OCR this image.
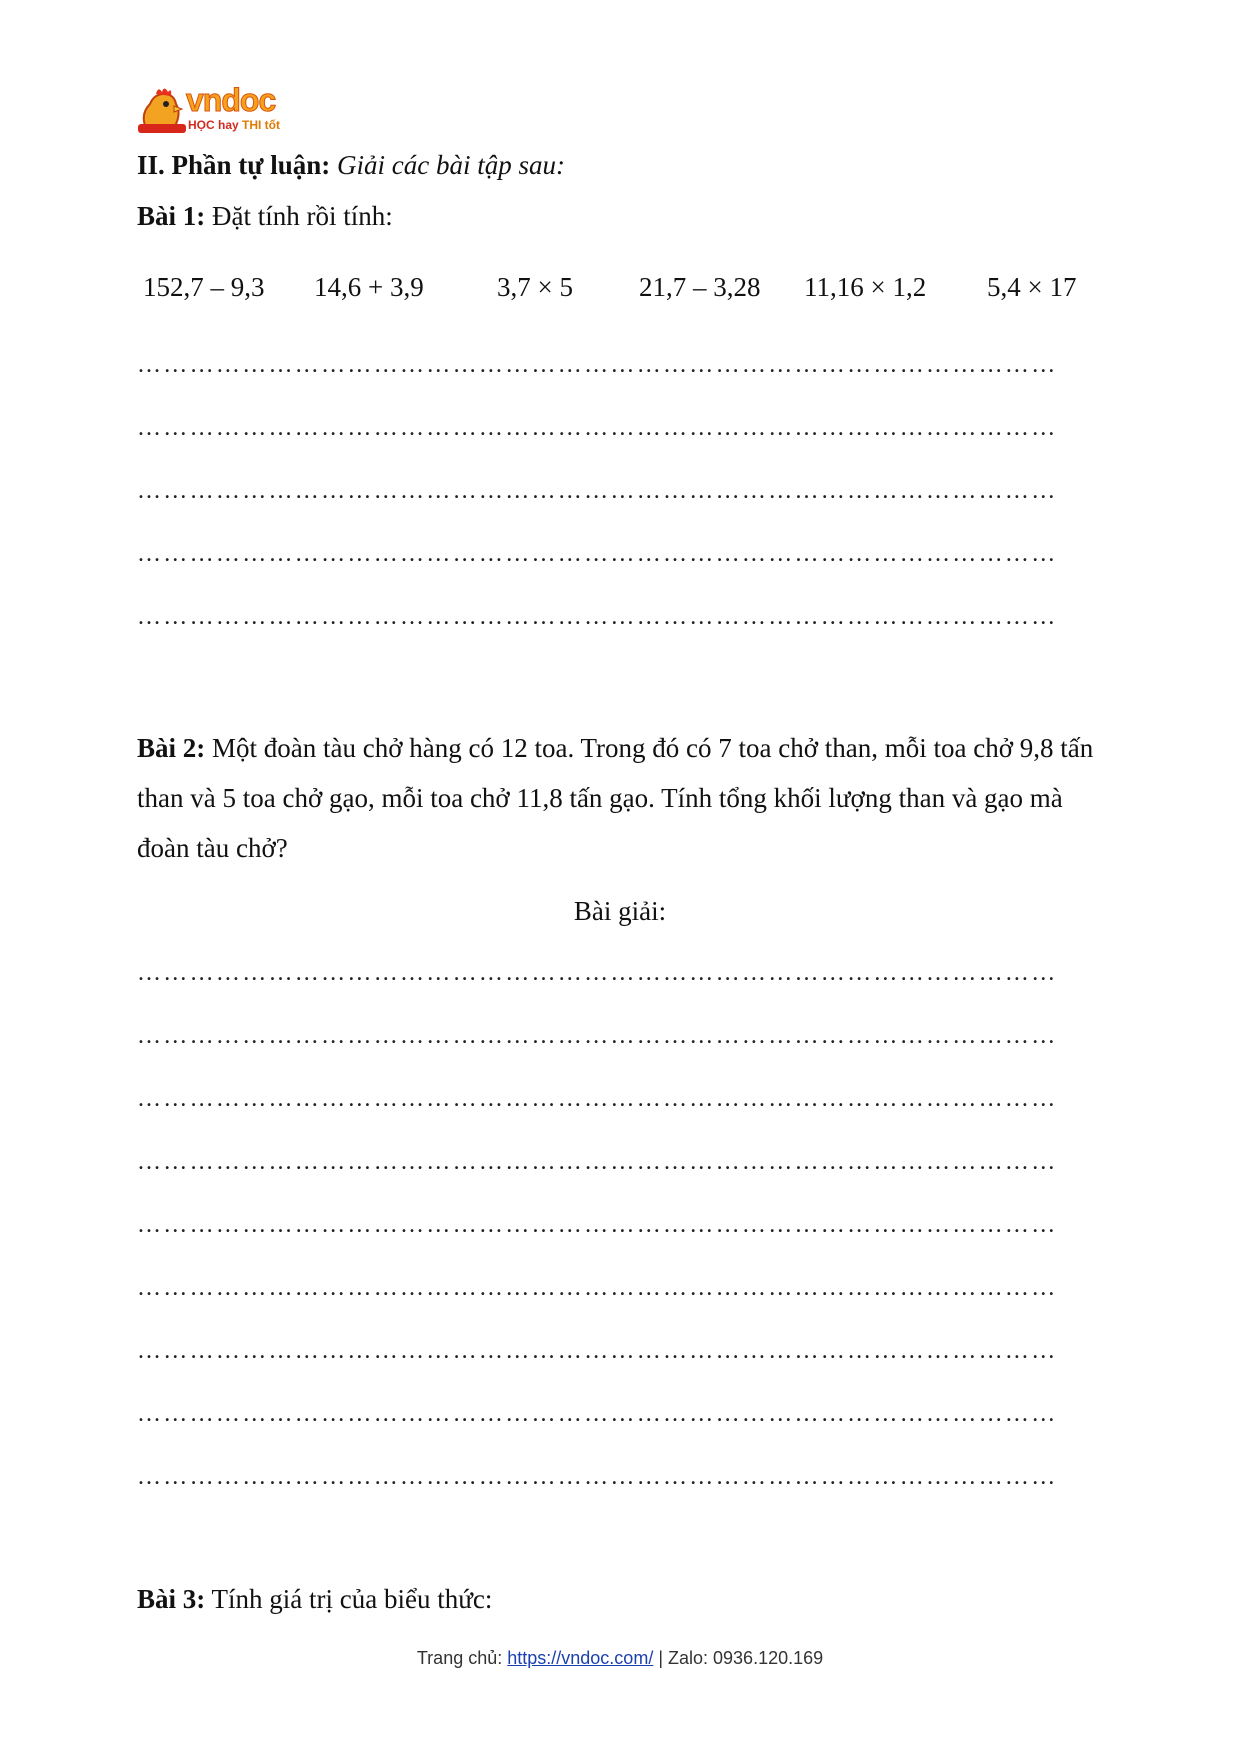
vndoc
HỌC hay THI tốt
II. Phần tự luận: Giải các bài tập sau:
Bài 1: Đặt tính rồi tính:
152,7 – 9,3 14,6 + 3,9	3,7 × 5 21,7 – 3,28 11,16 × 1,2 5,4 × 17
……………………………………………………………………………………………
……………………………………………………………………………………………
……………………………………………………………………………………………
……………………………………………………………………………………………
……………………………………………………………………………………………
Bài 2: Một đoàn tàu chở hàng có 12 toa. Trong đó có 7 toa chở than, mỗi toa chở 9,8 tấn than và 5 toa chở gạo, mỗi toa chở 11,8 tấn gạo. Tính tổng khối lượng than và gạo mà đoàn tàu chở?
Bài giải:
……………………………………………………………………………………………
……………………………………………………………………………………………
……………………………………………………………………………………………
……………………………………………………………………………………………
……………………………………………………………………………………………
……………………………………………………………………………………………
……………………………………………………………………………………………
……………………………………………………………………………………………
……………………………………………………………………………………………
Bài 3: Tính giá trị của biểu thức:
Trang chủ: https://vndoc.com/ | Zalo: 0936.120.169
